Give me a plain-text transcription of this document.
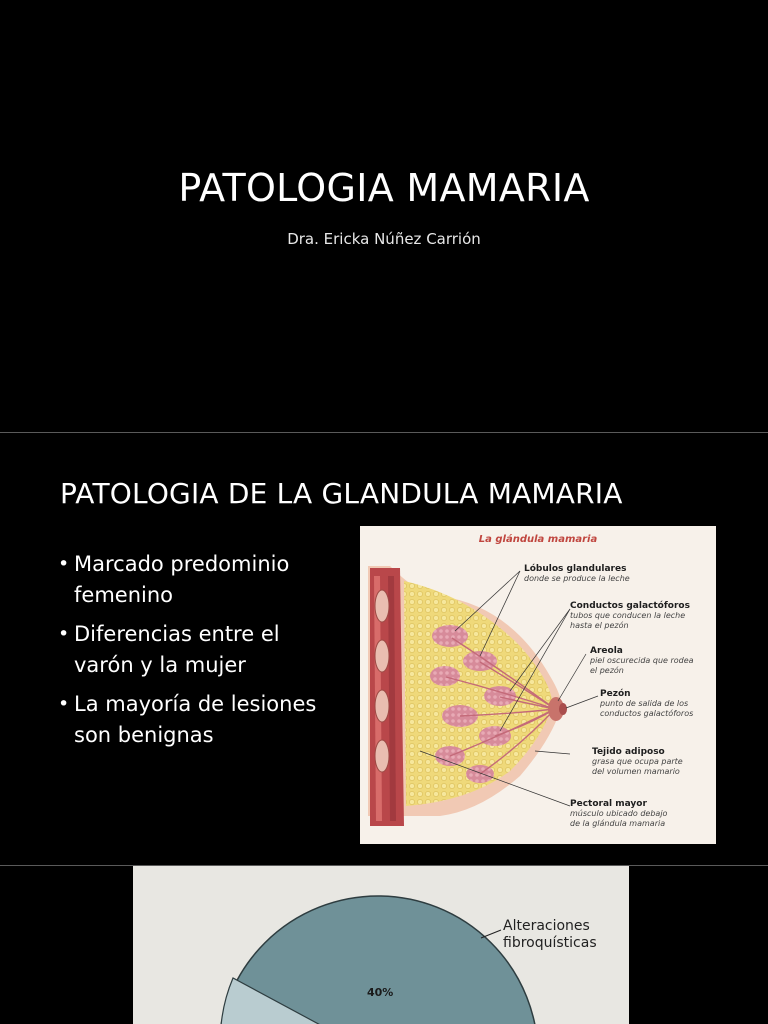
PATOLOGIA MAMARIA
Dra. Ericka Núñez Carrión
PATOLOGIA DE LA GLANDULA MAMARIA
• Marcado predominio
femenino
• Diferencias entre el
varón y la mujer
• La mayoría de lesiones
son benignas
La glándula mamaria
Lóbulos glandulares
donde se produce la leche
Conductos galactóforos
tubos que conducen la leche
hasta el pezón
Areola
piel oscurecida que rodea
el pezón
Pezón
punto de salida de los
conductos galactóforos
Tejido adiposo
grasa que ocupa parte
del volumen mamario
Pectoral mayor
músculo ubicado debajo
de la glándula mamaria
Alteraciones
fibroquísticas
40%
